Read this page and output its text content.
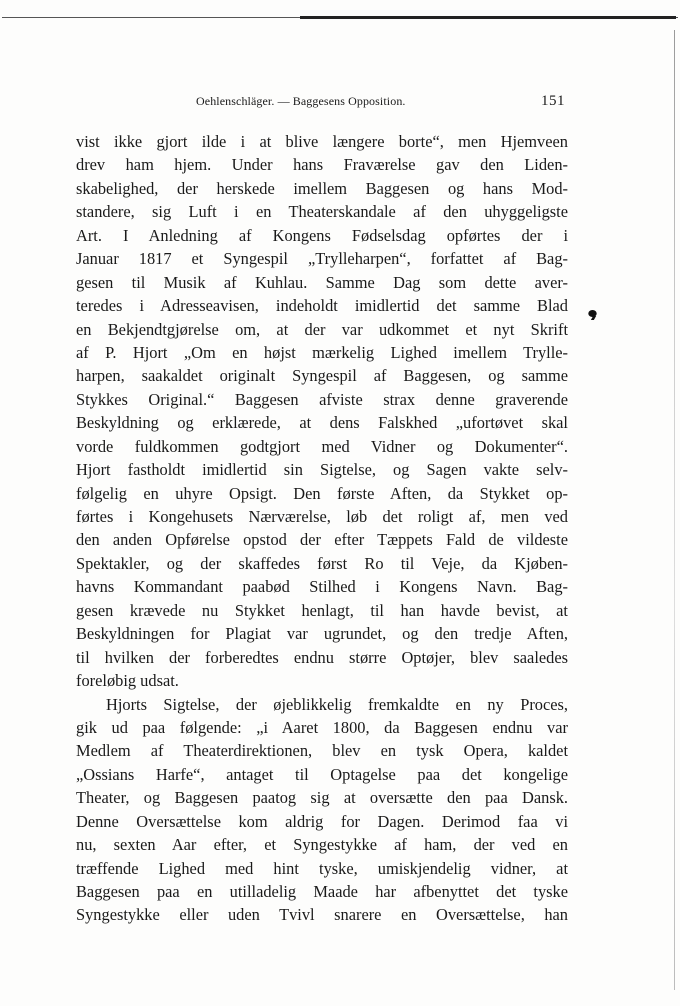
Oehlenschläger. — Baggesens Opposition.	151
vist ikke gjort ilde i at blive længere borte“, men Hjemveen
drev ham hjem. Under hans Fraværelse gav den Liden-
skabelighed, der herskede imellem Baggesen og hans Mod-
standere, sig Luft i en Theaterskandale af den uhyggeligste
Art. I Anledning af Kongens Fødselsdag opførtes der i
Januar 1817 et Syngespil „Trylleharpen“, forfattet af Bag-
gesen til Musik af Kuhlau. Samme Dag som dette aver-
teredes i Adresseavisen, indeholdt imidlertid det samme Blad
en Bekjendtgjørelse om, at der var udkommet et nyt Skrift
af P. Hjort „Om en højst mærkelig Lighed imellem Trylle-
harpen, saakaldet originalt Syngespil af Baggesen, og samme
Stykkes Original.“ Baggesen afviste strax denne graverende
Beskyldning og erklærede, at dens Falskhed „ufortøvet skal
vorde fuldkommen godtgjort med Vidner og Dokumenter“.
Hjort fastholdt imidlertid sin Sigtelse, og Sagen vakte selv-
følgelig en uhyre Opsigt. Den første Aften, da Stykket op-
førtes i Kongehusets Nærværelse, løb det roligt af, men ved
den anden Opførelse opstod der efter Tæppets Fald de vildeste
Spektakler, og der skaffedes først Ro til Veje, da Kjøben-
havns Kommandant paabød Stilhed i Kongens Navn. Bag-
gesen krævede nu Stykket henlagt, til han havde bevist, at
Beskyldningen for Plagiat var ugrundet, og den tredje Aften,
til hvilken der forberedtes endnu større Optøjer, blev saaledes
foreløbig udsat.
Hjorts Sigtelse, der øjeblikkelig fremkaldte en ny Proces,
gik ud paa følgende: „i Aaret 1800, da Baggesen endnu var
Medlem af Theaterdirektionen, blev en tysk Opera, kaldet
„Ossians Harfe“, antaget til Optagelse paa det kongelige
Theater, og Baggesen paatog sig at oversætte den paa Dansk.
Denne Oversættelse kom aldrig for Dagen. Derimod faa vi
nu, sexten Aar efter, et Syngestykke af ham, der ved en
træffende Lighed med hint tyske, umiskjendelig vidner, at
Baggesen paa en utilladelig Maade har afbenyttet det tyske
Syngestykke eller uden Tvivl snarere en Oversættelse, han
